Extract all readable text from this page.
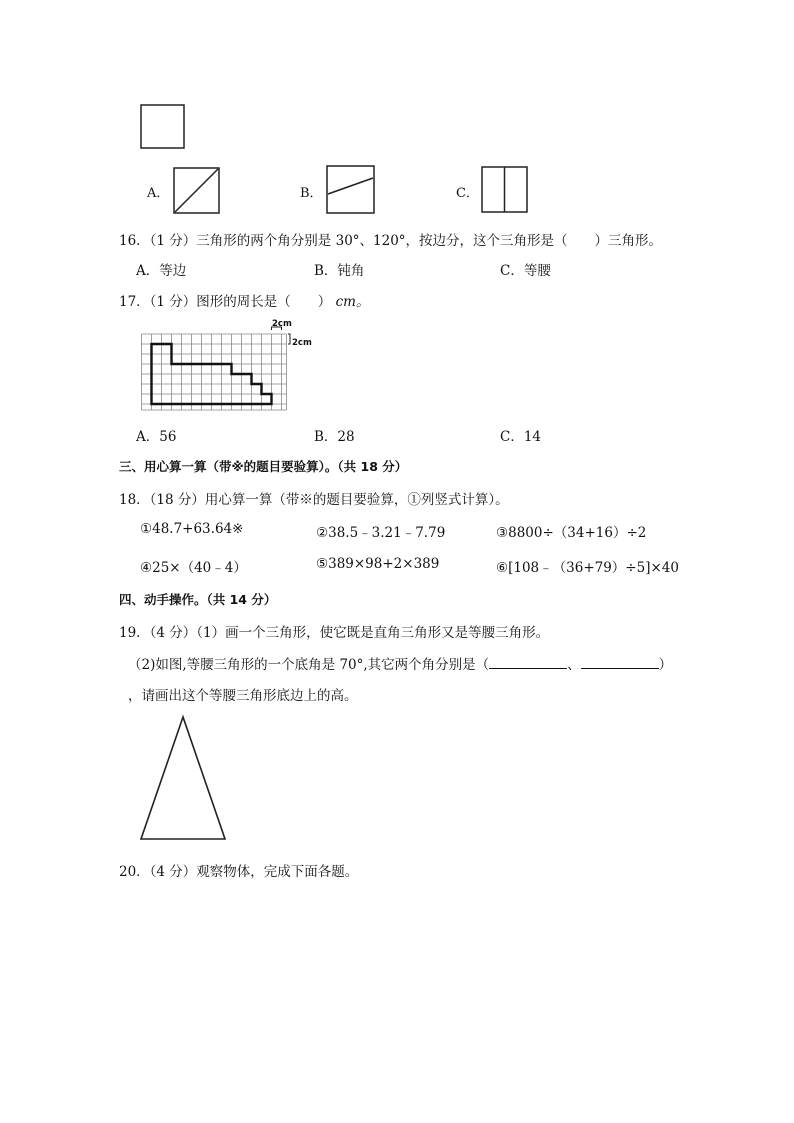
A．	B．	C．
16．（1 分）三角形的两个角分别是 30°、120°，按边分，这个三角形是（　　）三角形。
A．等边	B．钝角	C．等腰
17．（1 分）图形的周长是（　　） cm。
2cm
2cm
A．56	B．28	C．14
三、用心算一算（带※的题目要验算）。（共 18 分）
18．（18 分）用心算一算（带※的题目要验算，①列竖式计算）。
①48.7+63.64※	②38.5﹣3.21﹣7.79	③8800÷（34+16）÷2
④25×（40﹣4）	⑤389×98+2×389	⑥[108﹣（36+79）÷5]×40
四、动手操作。（共 14 分）
19．（4 分）（1）画一个三角形，使它既是直角三角形又是等腰三角形。
（2)如图,等腰三角形的一个底角是 70°,其它两个角分别是（	、	）
，请画出这个等腰三角形底边上的高。
20．（4 分）观察物体，完成下面各题。
